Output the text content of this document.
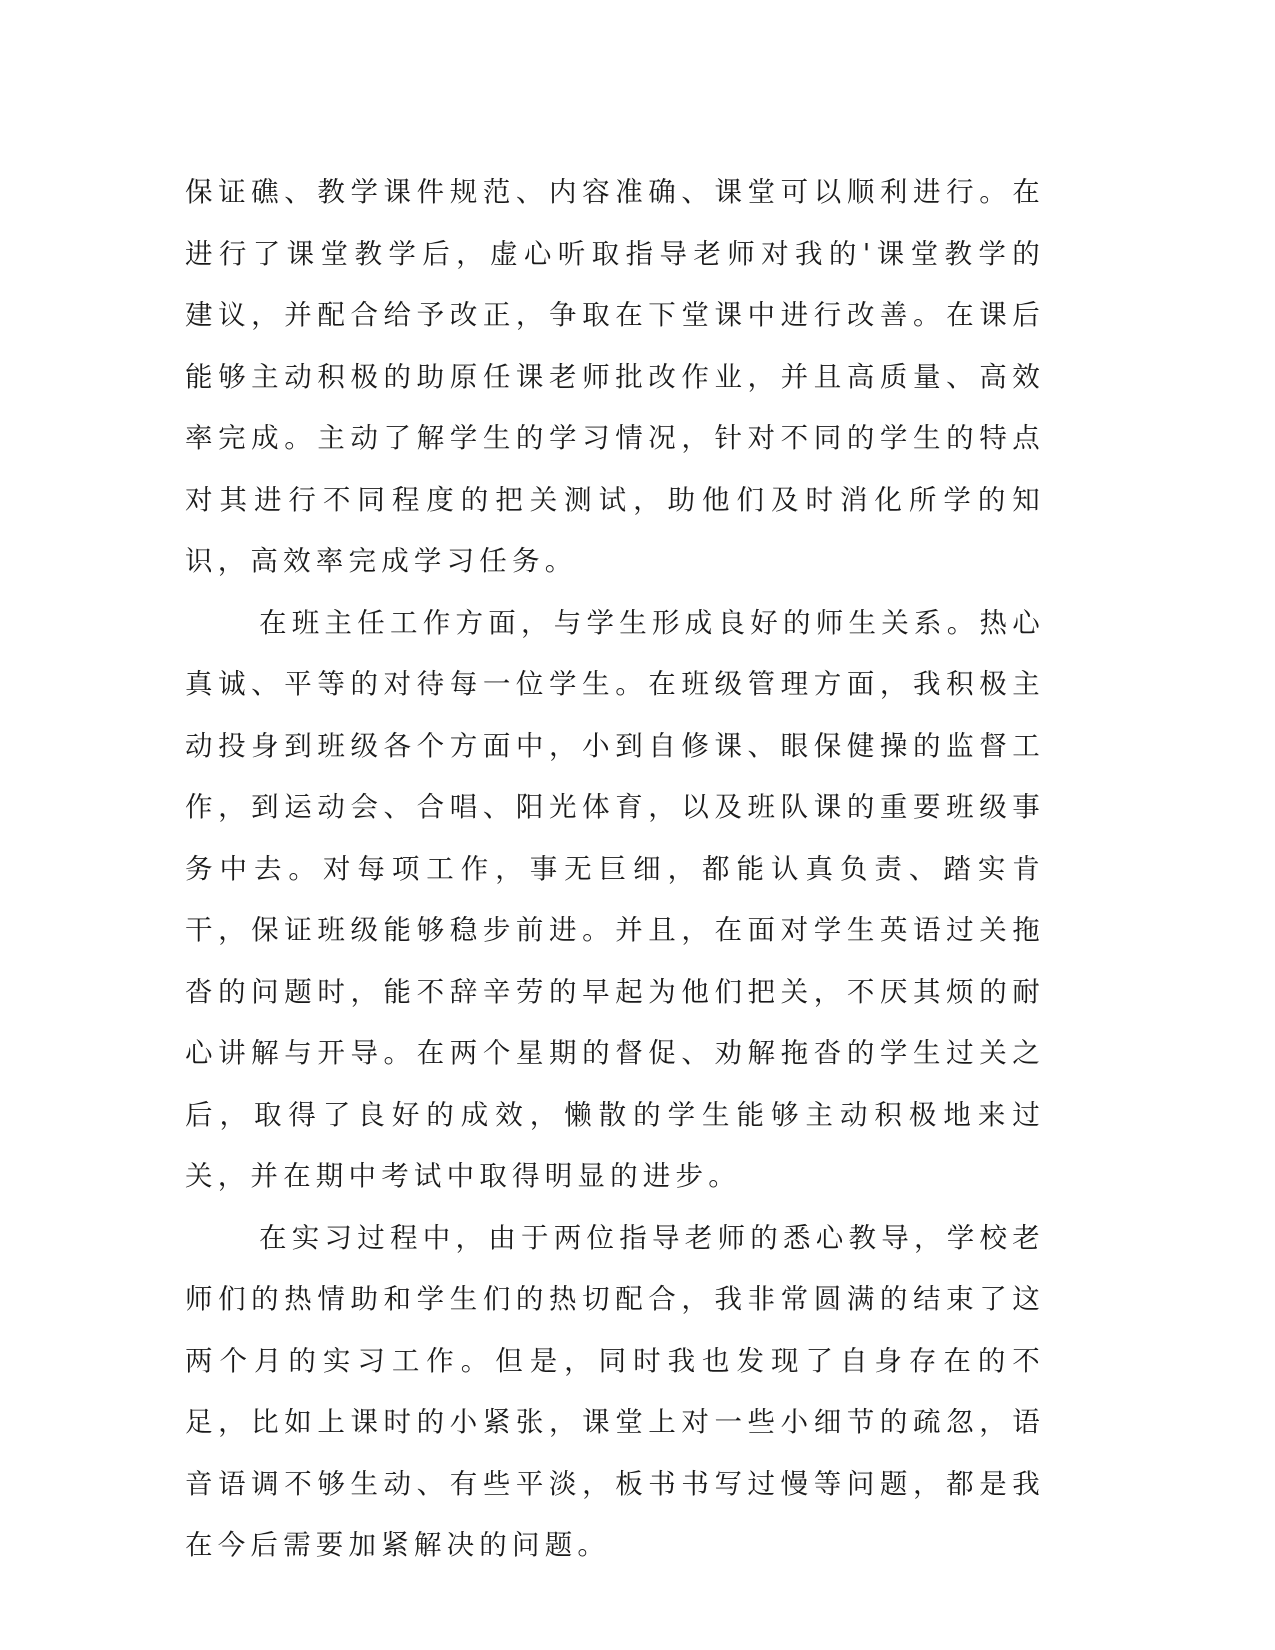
保证礁、教学课件规范、内容准确、课堂可以顺利进行。在进行了课堂教学后，虚心听取指导老师对我的'课堂教学的建议，并配合给予改正，争取在下堂课中进行改善。在课后能够主动积极的助原任课老师批改作业，并且高质量、高效率完成。主动了解学生的学习情况，针对不同的学生的特点对其进行不同程度的把关测试，助他们及时消化所学的知识，高效率完成学习任务。

在班主任工作方面，与学生形成良好的师生关系。热心真诚、平等的对待每一位学生。在班级管理方面，我积极主动投身到班级各个方面中，小到自修课、眼保健操的监督工作，到运动会、合唱、阳光体育，以及班队课的重要班级事务中去。对每项工作，事无巨细，都能认真负责、踏实肯干，保证班级能够稳步前进。并且，在面对学生英语过关拖沓的问题时，能不辞辛劳的早起为他们把关，不厌其烦的耐心讲解与开导。在两个星期的督促、劝解拖沓的学生过关之后，取得了良好的成效，懒散的学生能够主动积极地来过关，并在期中考试中取得明显的进步。

在实习过程中，由于两位指导老师的悉心教导，学校老师们的热情助和学生们的热切配合，我非常圆满的结束了这两个月的实习工作。但是，同时我也发现了自身存在的不足，比如上课时的小紧张，课堂上对一些小细节的疏忽，语音语调不够生动、有些平淡，板书书写过慢等问题，都是我在今后需要加紧解决的问题。
